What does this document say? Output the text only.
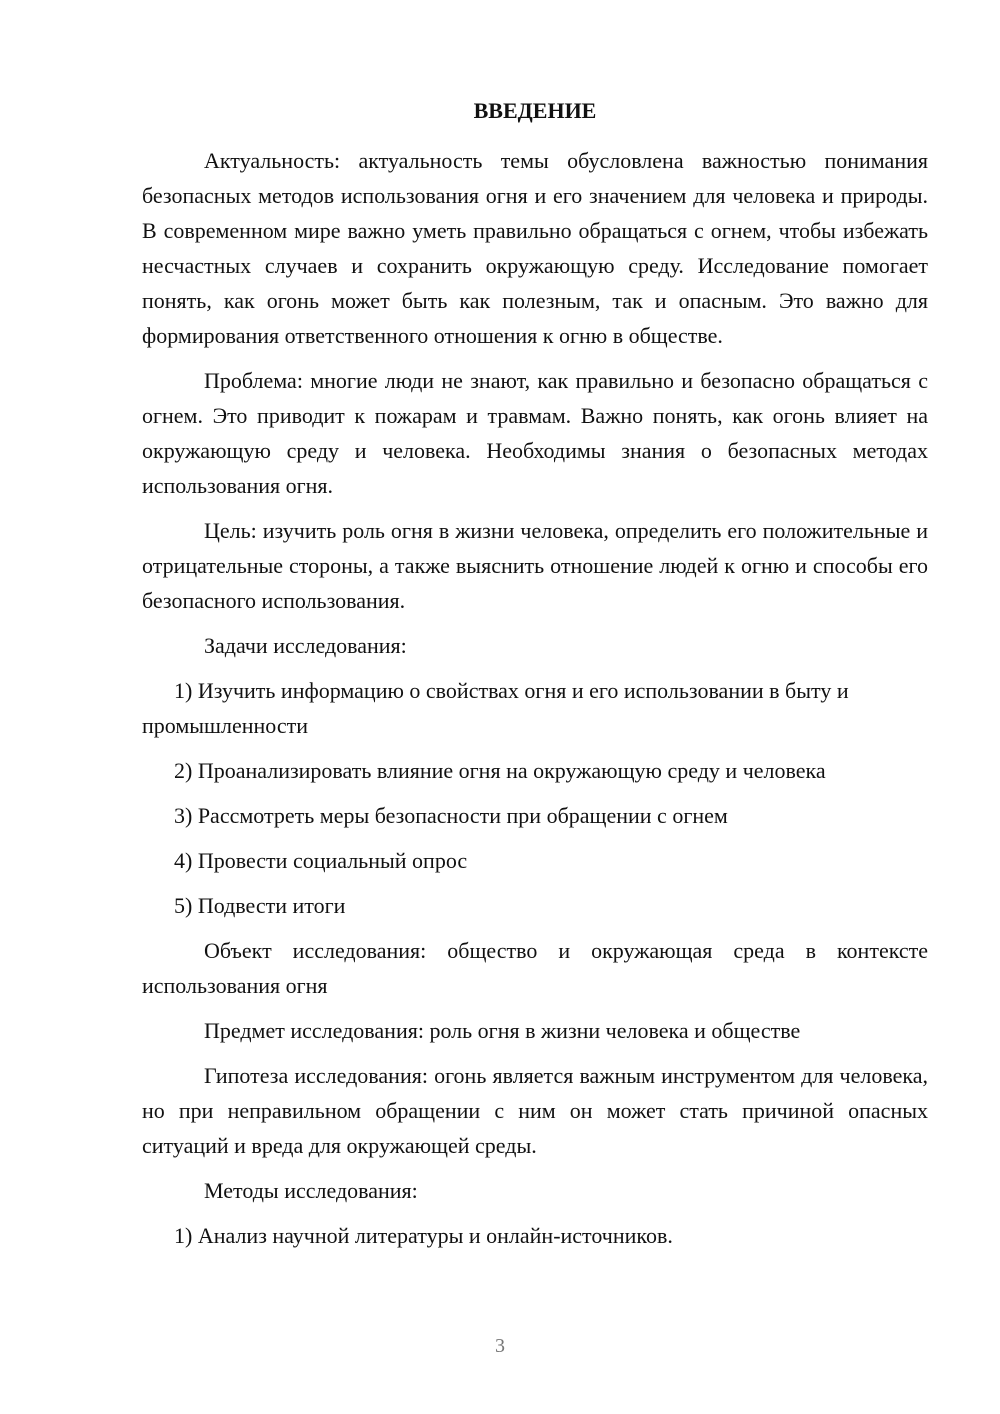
ВВЕДЕНИЕ

Актуальность: актуальность темы обусловлена важностью понимания безопасных методов использования огня и его значением для человека и природы. В современном мире важно уметь правильно обращаться с огнем, чтобы избежать несчастных случаев и сохранить окружающую среду. Исследование помогает понять, как огонь может быть как полезным, так и опасным. Это важно для формирования ответственного отношения к огню в обществе.

Проблема: многие люди не знают, как правильно и безопасно обращаться с огнем. Это приводит к пожарам и травмам. Важно понять, как огонь влияет на окружающую среду и человека. Необходимы знания о безопасных методах использования огня.

Цель: изучить роль огня в жизни человека, определить его положительные и отрицательные стороны, а также выяснить отношение людей к огню и способы его безопасного использования.

Задачи исследования:

1) Изучить информацию о свойствах огня и его использовании в быту и промышленности

2) Проанализировать влияние огня на окружающую среду и человека

3) Рассмотреть меры безопасности при обращении с огнем

4) Провести социальный опрос

5) Подвести итоги

Объект исследования: общество и окружающая среда в контексте использования огня

Предмет исследования: роль огня в жизни человека и обществе

Гипотеза исследования: огонь является важным инструментом для человека, но при неправильном обращении с ним он может стать причиной опасных ситуаций и вреда для окружающей среды.

Методы исследования:

1) Анализ научной литературы и онлайн-источников.

3
